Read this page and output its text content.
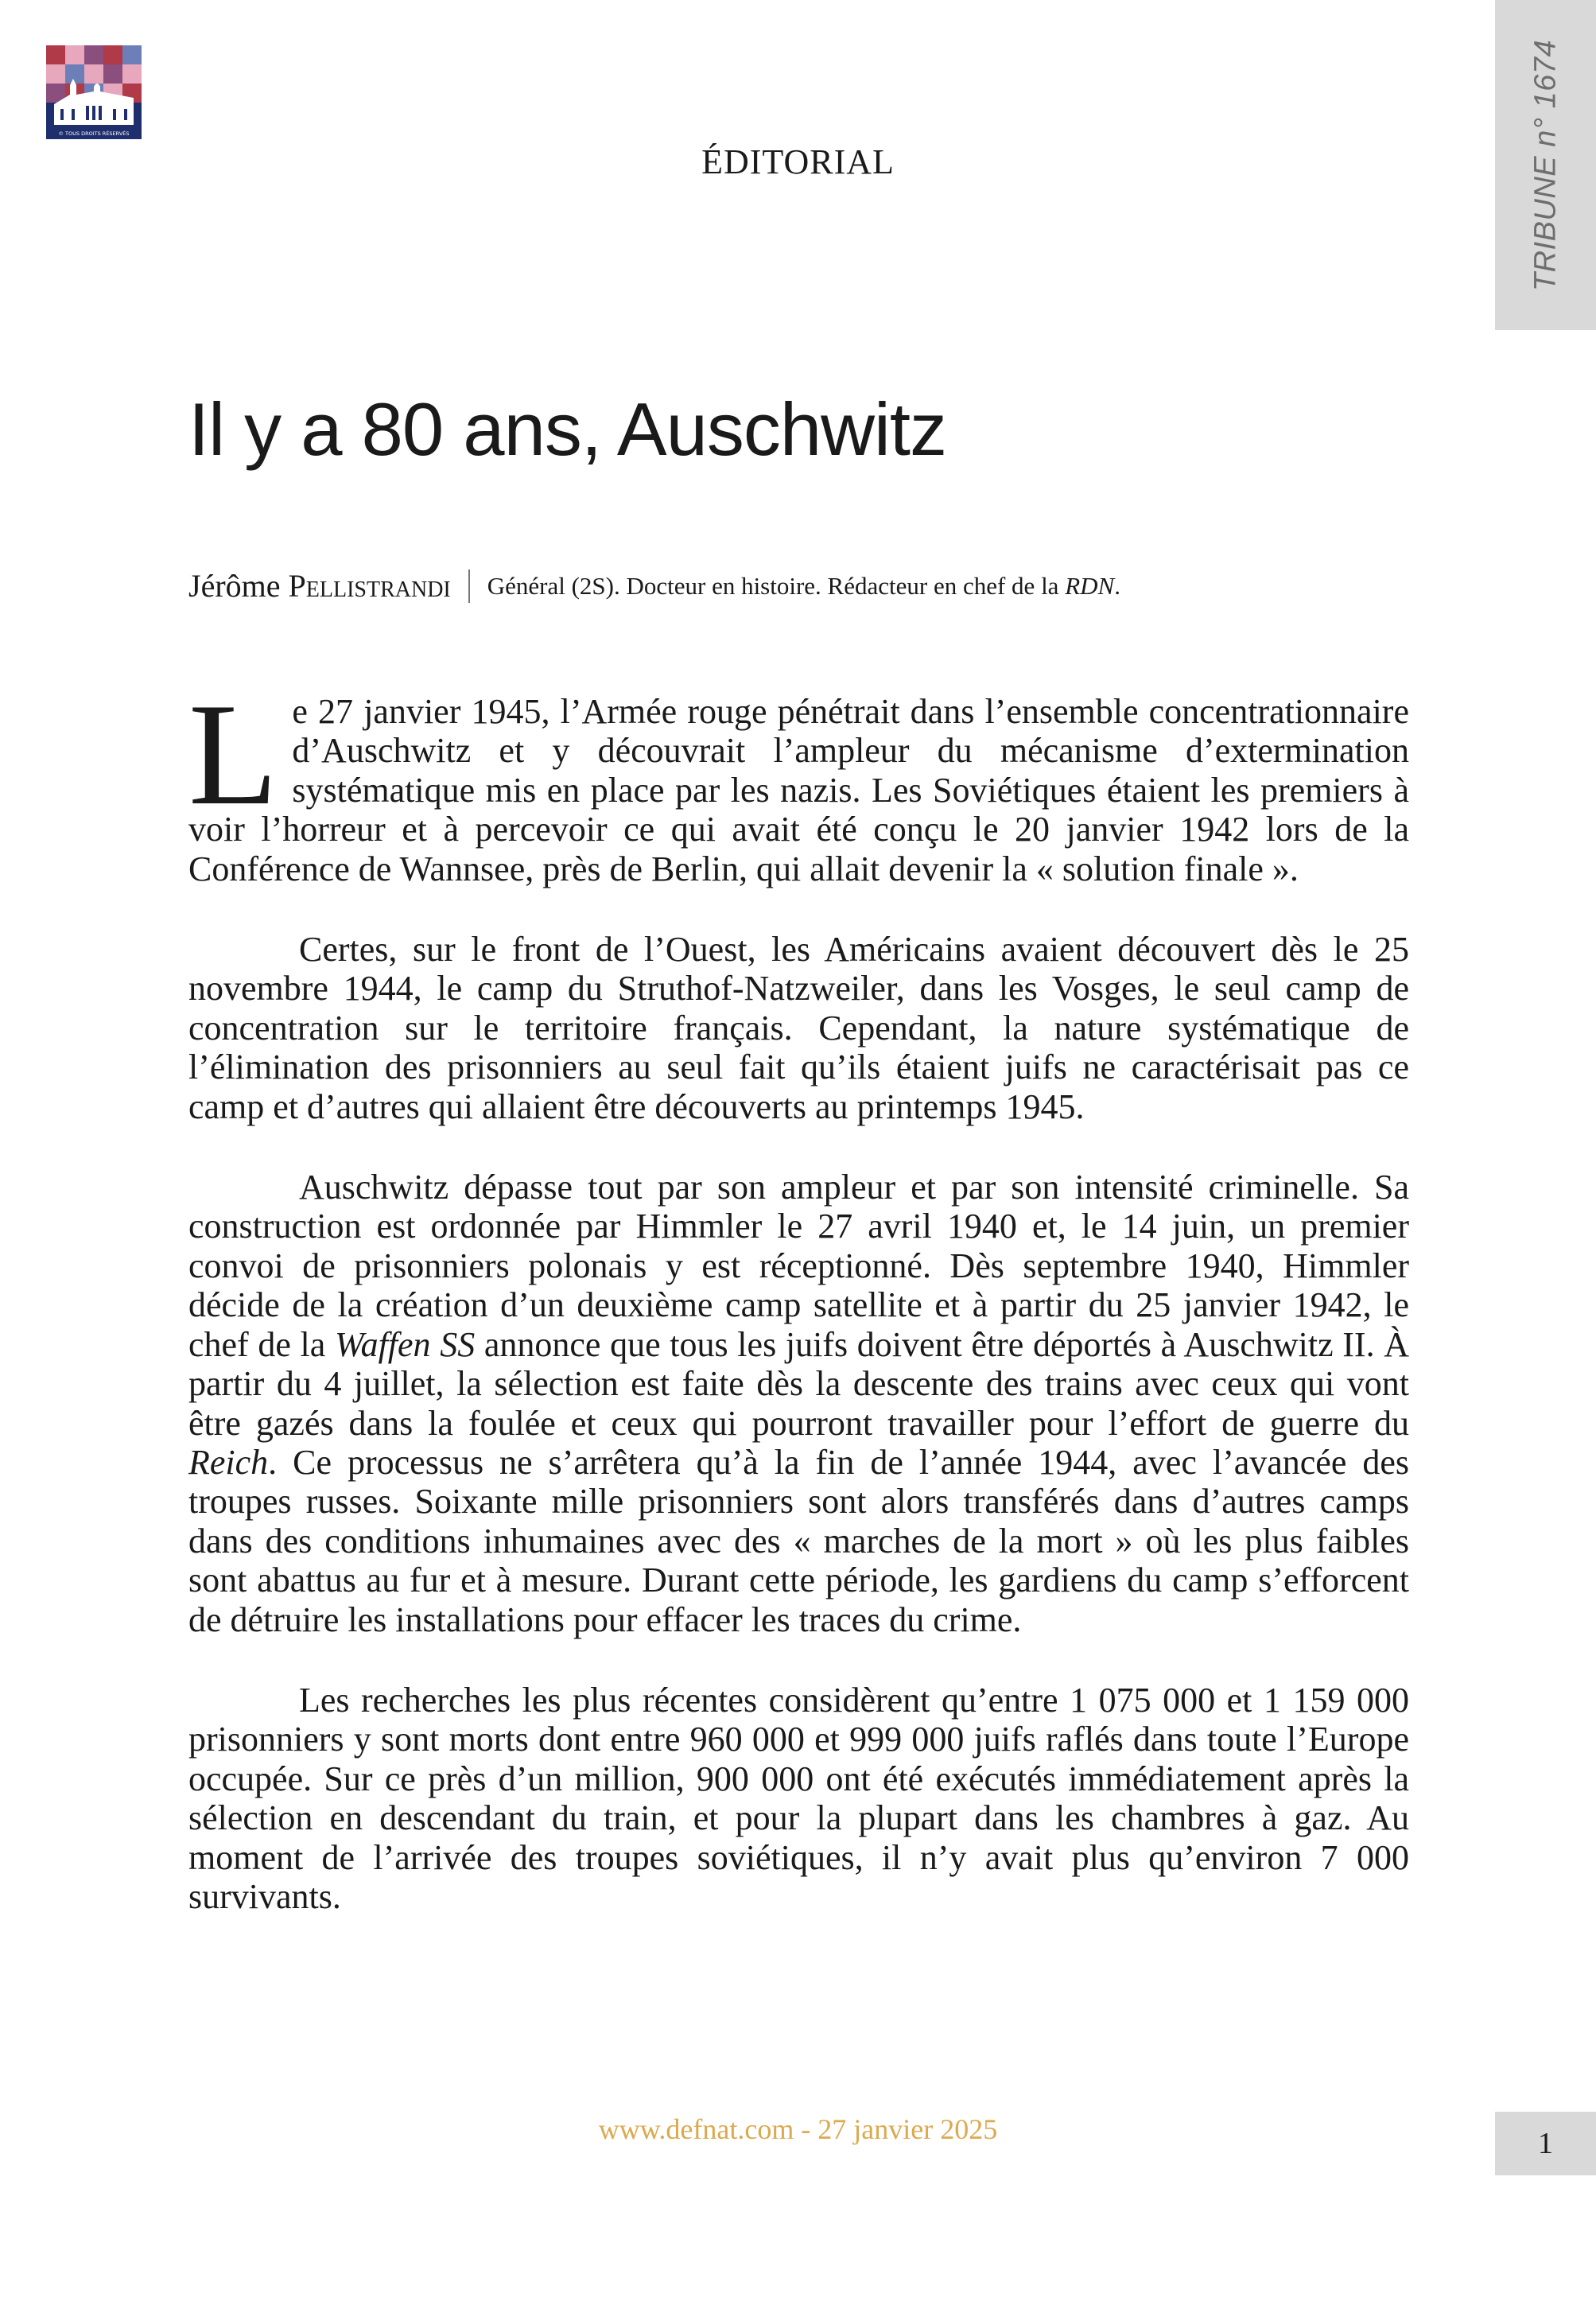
© TOUS DROITS RÉSERVÉS	TRIBUNE n° 1674
ÉDITORIAL
Il y a 80 ans, Auschwitz
Jérôme Pellistrandi Général (2S). Docteur en histoire. Rédacteur en chef de la RDN.

Le 27 janvier 1945, l’Armée rouge pénétrait dans l’ensemble concentrationnaire d’Auschwitz et y découvrait l’ampleur du mécanisme d’extermination systématique mis en place par les nazis. Les Soviétiques étaient les premiers à voir l’horreur et à percevoir ce qui avait été conçu le 20 janvier 1942 lors de la Conférence de Wannsee, près de Berlin, qui allait devenir la « solution finale ».

Certes, sur le front de l’Ouest, les Américains avaient découvert dès le 25 novembre 1944, le camp du Struthof-Natzweiler, dans les Vosges, le seul camp de concentration sur le territoire français. Cependant, la nature systématique de l’élimination des prisonniers au seul fait qu’ils étaient juifs ne caractérisait pas ce camp et d’autres qui allaient être découverts au printemps 1945.

Auschwitz dépasse tout par son ampleur et par son intensité criminelle. Sa construction est ordonnée par Himmler le 27 avril 1940 et, le 14 juin, un premier convoi de prisonniers polonais y est réceptionné. Dès septembre 1940, Himmler décide de la création d’un deuxième camp satellite et à partir du 25 janvier 1942, le chef de la Waffen SS annonce que tous les juifs doivent être déportés à Auschwitz II. À partir du 4 juillet, la sélection est faite dès la descente des trains avec ceux qui vont être gazés dans la foulée et ceux qui pourront travailler pour l’effort de guerre du Reich. Ce processus ne s’arrêtera qu’à la fin de l’année 1944, avec l’avancée des troupes russes. Soixante mille prisonniers sont alors transférés dans d’autres camps dans des conditions inhumaines avec des « marches de la mort » où les plus faibles sont abattus au fur et à mesure. Durant cette période, les gardiens du camp s’efforcent de détruire les installations pour effacer les traces du crime.

Les recherches les plus récentes considèrent qu’entre 1 075 000 et 1 159 000 prisonniers y sont morts dont entre 960 000 et 999 000 juifs raflés dans toute l’Europe occupée. Sur ce près d’un million, 900 000 ont été exécutés immédiatement après la sélection en descendant du train, et pour la plupart dans les chambres à gaz. Au moment de l’arrivée des troupes soviétiques, il n’y avait plus qu’environ 7 000 survivants.

www.defnat.com - 27 janvier 2025	1
